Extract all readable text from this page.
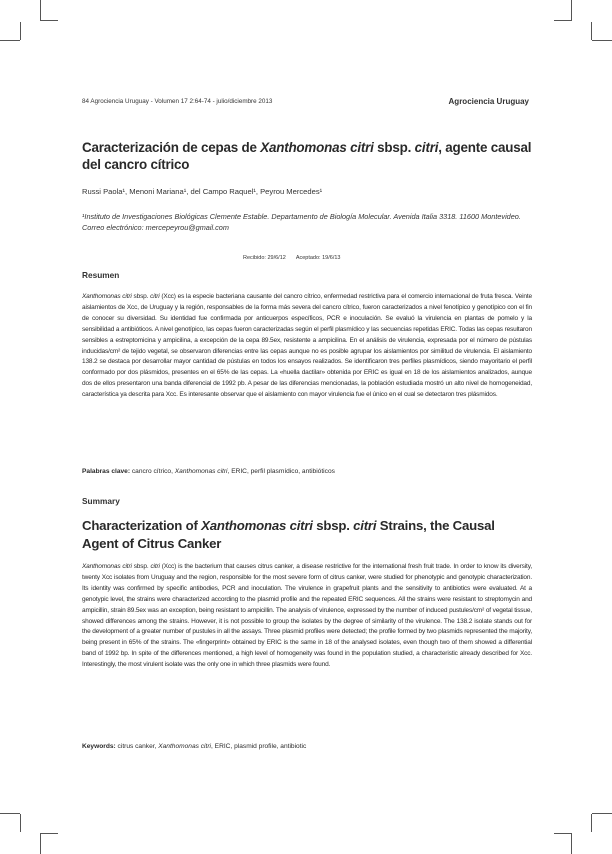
84 Agrociencia Uruguay - Volumen 17 2:64-74 - julio/diciembre 2013	Agrociencia Uruguay
Caracterización de cepas de Xanthomonas citri sbsp. citri, agente causal del cancro cítrico
Russi Paola¹, Menoni Mariana¹, del Campo Raquel¹, Peyrou Mercedes¹
¹Instituto de Investigaciones Biológicas Clemente Estable. Departamento de Biología Molecular. Avenida Italia 3318. 11600 Montevideo. Correo electrónico: mercepeyrou@gmail.com
Recibido: 29/6/12 Aceptado: 19/6/13
Resumen
Xanthomonas citri sbsp. citri (Xcc) es la especie bacteriana causante del cancro cítrico, enfermedad restrictiva para el comercio internacional de fruta fresca. Veinte aislamientos de Xcc, de Uruguay y la región, responsables de la forma más severa del cancro cítrico, fueron caracterizados a nivel fenotípico y genotípico con el fin de conocer su diversidad. Su identidad fue confirmada por anticuerpos específicos, PCR e inoculación. Se evaluó la virulencia en plantas de pomelo y la sensibilidad a antibióticos. A nivel genotípico, las cepas fueron caracterizadas según el perfil plasmídico y las secuencias repetidas ERIC. Todas las cepas resultaron sensibles a estreptomicina y ampicilina, a excepción de la cepa 89.5ex, resistente a ampicilina. En el análisis de virulencia, expresada por el número de pústulas inducidas/cm² de tejido vegetal, se observaron diferencias entre las cepas aunque no es posible agrupar los aislamientos por similitud de virulencia. El aislamiento 138.2 se destaca por desarrollar mayor cantidad de pústulas en todos los ensayos realizados. Se identificaron tres perfiles plasmídicos, siendo mayoritario el perfil conformado por dos plásmidos, presentes en el 65% de las cepas. La «huella dactilar» obtenida por ERIC es igual en 18 de los aislamientos analizados, aunque dos de ellos presentaron una banda diferencial de 1992 pb. A pesar de las diferencias mencionadas, la población estudiada mostró un alto nivel de homogeneidad, característica ya descrita para Xcc. Es interesante observar que el aislamiento con mayor virulencia fue el único en el cual se detectaron tres plásmidos.
Palabras clave: cancro cítrico, Xanthomonas citri, ERIC, perfil plasmídico, antibióticos
Summary
Characterization of Xanthomonas citri sbsp. citri Strains, the Causal Agent of Citrus Canker
Xanthomonas citri sbsp. citri (Xcc) is the bacterium that causes citrus canker, a disease restrictive for the international fresh fruit trade. In order to know its diversity, twenty Xcc isolates from Uruguay and the region, responsible for the most severe form of citrus canker, were studied for phenotypic and genotypic characterization. Its identity was confirmed by specific antibodies, PCR and inoculation. The virulence in grapefruit plants and the sensitivity to antibiotics were evaluated. At a genotypic level, the strains were characterized according to the plasmid profile and the repeated ERIC sequences. All the strains were resistant to streptomycin and ampicillin, strain 89.5ex was an exception, being resistant to ampicillin. The analysis of virulence, expressed by the number of induced pustules/cm² of vegetal tissue, showed differences among the strains. However, it is not possible to group the isolates by the degree of similarity of the virulence. The 138.2 isolate stands out for the development of a greater number of pustules in all the assays. Three plasmid profiles were detected; the profile formed by two plasmids represented the majority, being present in 65% of the strains. The «fingerprint» obtained by ERIC is the same in 18 of the analysed isolates, even though two of them showed a differential band of 1992 bp. In spite of the differences mentioned, a high level of homogeneity was found in the population studied, a characteristic already described for Xcc. Interestingly, the most virulent isolate was the only one in which three plasmids were found.
Keywords: citrus canker, Xanthomonas citri, ERIC, plasmid profile, antibiotic
